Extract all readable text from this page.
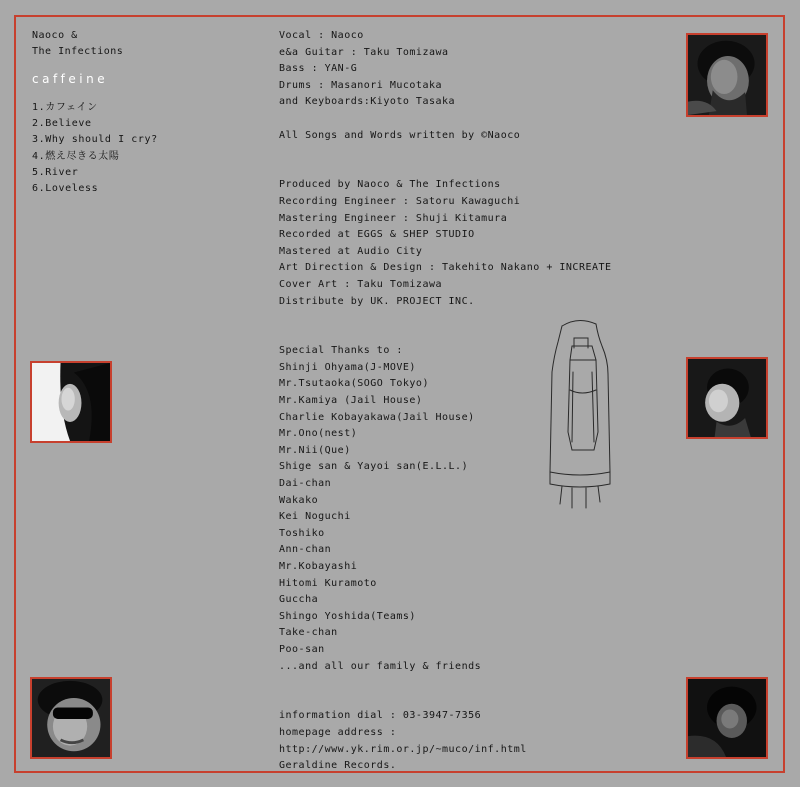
Naoco &
The Infections
caffeine
1.カフェイン
2.Believe
3.Why should I cry?
4.燃え尽きる太陽
5.River
6.Loveless
Vocal : Naoco
e&a Guitar : Taku Tomizawa
Bass : YAN-G
Drums : Masanori Mucotaka
and Keyboards:Kiyoto Tasaka
All Songs and Words written by ©Naoco
Produced by Naoco & The Infections
Recording Engineer : Satoru Kawaguchi
Mastering Engineer : Shuji Kitamura
Recorded at EGGS & SHEP STUDIO
Mastered at Audio City
Art Direction & Design : Takehito Nakano + INCREATE
Cover Art : Taku Tomizawa
Distribute by UK. PROJECT INC.
Special Thanks to :
Shinji Ohyama(J-MOVE)
Mr.Tsutaoka(SOGO Tokyo)
Mr.Kamiya (Jail House)
Charlie Kobayakawa(Jail House)
Mr.Ono(nest)
Mr.Nii(Que)
Shige san & Yayoi san(E.L.L.)
Dai-chan
Wakako
Kei Noguchi
Toshiko
Ann-chan
Mr.Kobayashi
Hitomi Kuramoto
Guccha
Shingo Yoshida(Teams)
Take-chan
Poo-san
...and all our family & friends
information dial : 03-3947-7356
homepage address :
http://www.yk.rim.or.jp/~muco/inf.html
Geraldine Records.
